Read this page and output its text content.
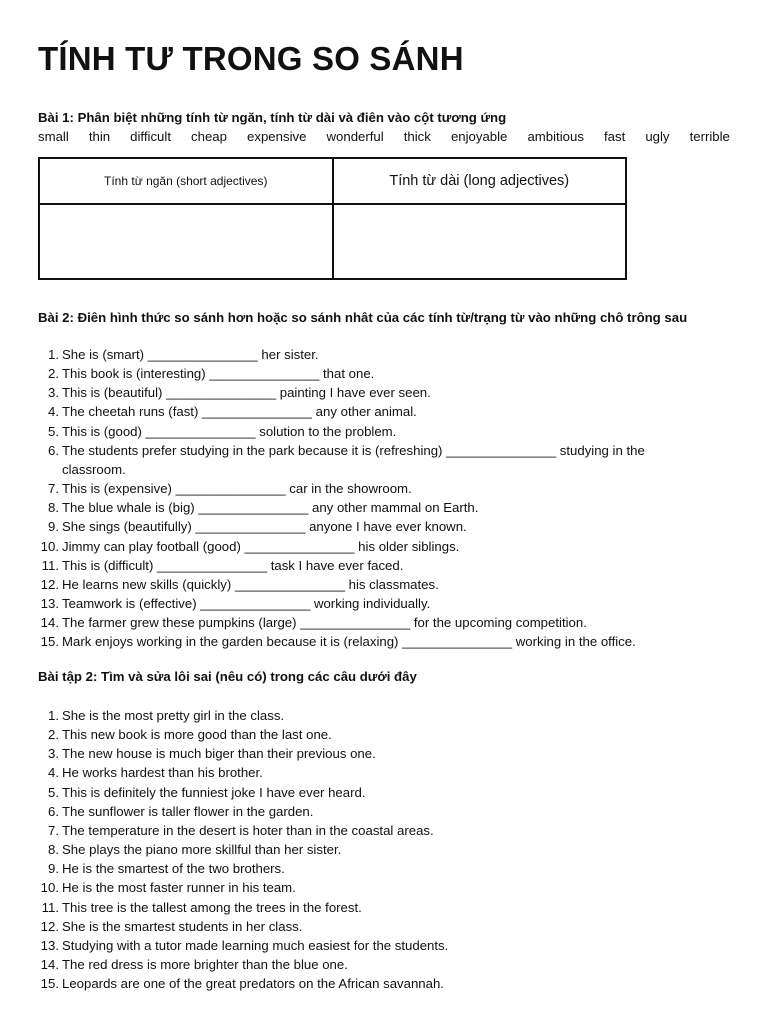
TÍNH TƯ TRONG SO SÁNH

Bài 1: Phân biệt những tính từ ngăn, tính từ dài và điên vào cột tương ứng

small thin difficult cheap expensive wonderful thick enjoyable ambitious fast ugly terrible
Tính từ ngăn (short adjectives)	Tính từ dài (long adjectives)

Bài 2: Điên hình thức so sánh hơn hoặc so sánh nhât của các tính từ/trạng từ vào những chô trông sau

1. She is (smart) _______________ her sister.
2. This book is (interesting) _______________ that one.
3. This is (beautiful) _______________ painting I have ever seen.
4. The cheetah runs (fast) _______________ any other animal.
5. This is (good) _______________ solution to the problem.
6. The students prefer studying in the park because it is (refreshing) _______________ studying in the classroom.
7. This is (expensive) _______________ car in the showroom.
8. The blue whale is (big) _______________ any other mammal on Earth.
9. She sings (beautifully) _______________ anyone I have ever known.
10. Jimmy can play football (good) _______________ his older siblings.
11. This is (difficult) _______________ task I have ever faced.
12. He learns new skills (quickly) _______________ his classmates.
13. Teamwork is (effective) _______________ working individually.
14. The farmer grew these pumpkins (large) _______________ for the upcoming competition.
15. Mark enjoys working in the garden because it is (relaxing) _______________ working in the office.

Bài tập 2: Tìm và sửa lôi sai (nêu có) trong các câu dưới đây

1. She is the most pretty girl in the class.
2. This new book is more good than the last one.
3. The new house is much biger than their previous one.
4. He works hardest than his brother.
5. This is definitely the funniest joke I have ever heard.
6. The sunflower is taller flower in the garden.
7. The temperature in the desert is hoter than in the coastal areas.
8. She plays the piano more skillful than her sister.
9. He is the smartest of the two brothers.
10. He is the most faster runner in his team.
11. This tree is the tallest among the trees in the forest.
12. She is the smartest students in her class.
13. Studying with a tutor made learning much easiest for the students.
14. The red dress is more brighter than the blue one.
15. Leopards are one of the great predators on the African savannah.
